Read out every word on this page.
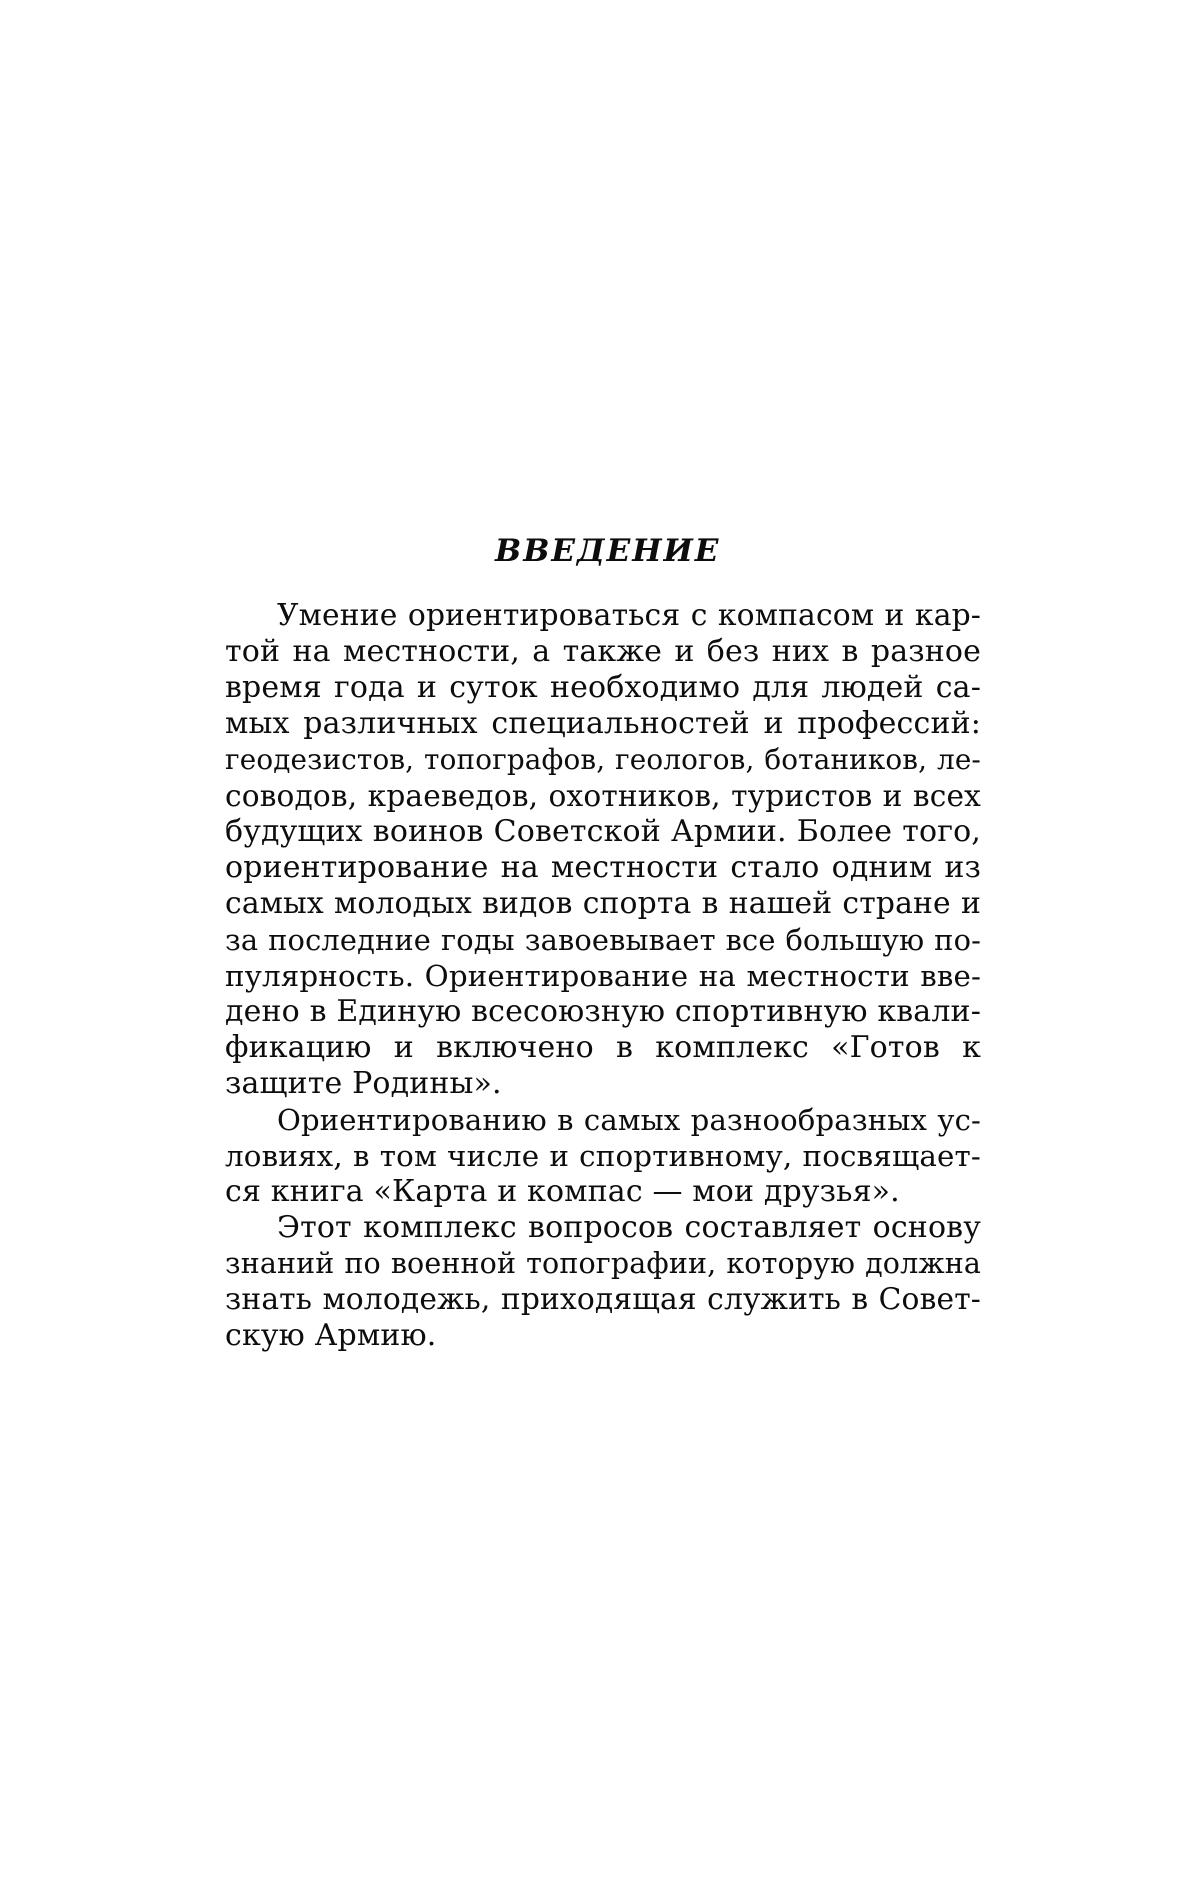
ВВЕДЕНИЕ
Умение ориентироваться с компасом и кар-
той на местности, а также и без них в разное
время года и суток необходимо для людей са-
мых различных специальностей и профессий:
геодезистов, топографов, геологов, ботаников, ле-
соводов, краеведов, охотников, туристов и всех
будущих воинов Советской Армии. Более того,
ориентирование на местности стало одним из
самых молодых видов спорта в нашей стране и
за последние годы завоевывает все большую по-
пулярность. Ориентирование на местности вве-
дено в Единую всесоюзную спортивную квали-
фикацию и включено в комплекс «Готов к
защите Родины».
Ориентированию в самых разнообразных ус-
ловиях, в том числе и спортивному, посвящает-
ся книга «Карта и компас — мои друзья».
Этот комплекс вопросов составляет основу
знаний по военной топографии, которую должна
знать молодежь, приходящая служить в Совет-
скую Армию.
